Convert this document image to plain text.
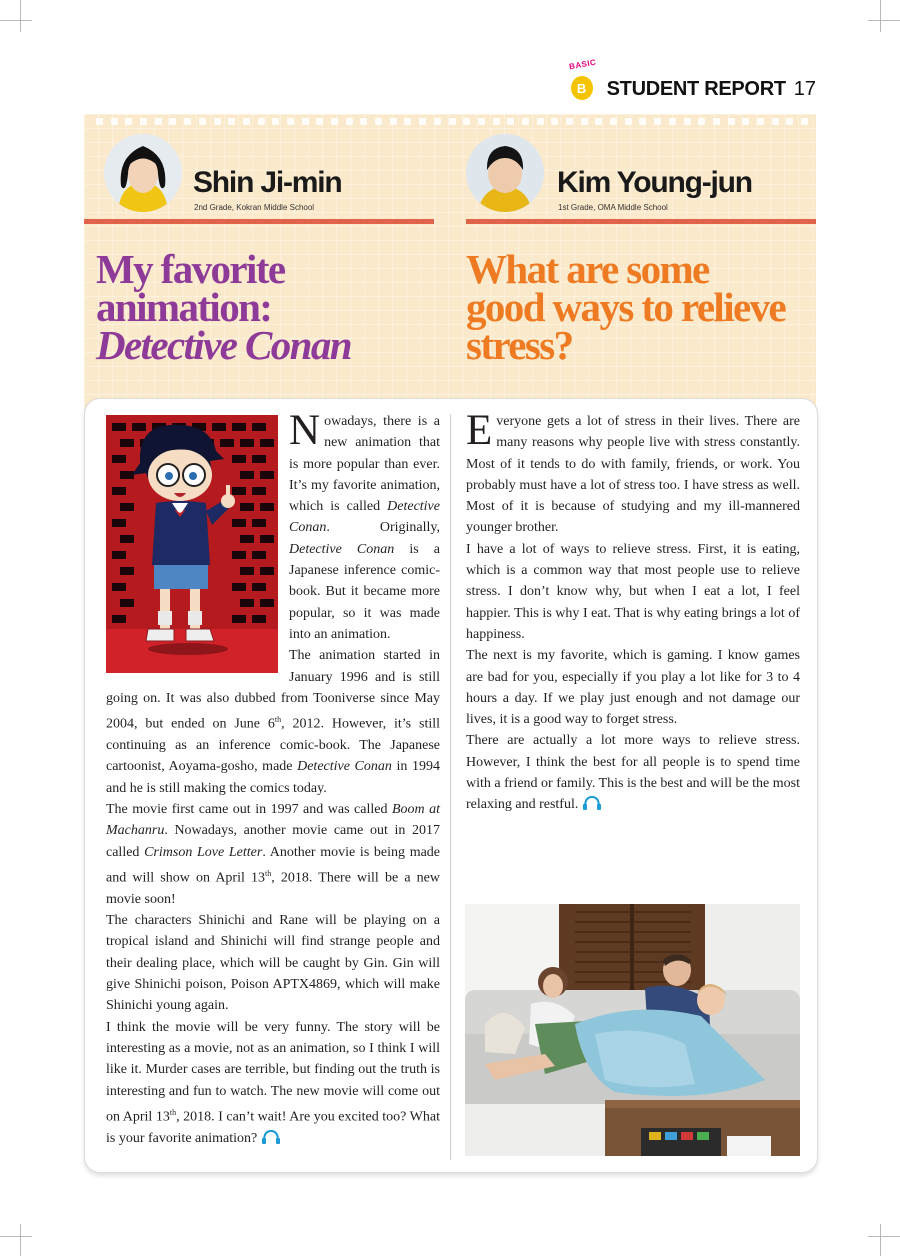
BASIC
B	STUDENT REPORT 17
Shin Ji-min
2nd Grade, Kokran Middle School
Kim Young-jun
1st Grade, OMA Middle School
My favorite
animation:
Detective Conan
What are some
good ways to relieve
stress?

Nowadays, there is a new animation that is more popular than ever. It’s my favorite animation, which is called Detective Conan. Originally, Detective Conan is a Japanese inference comic-book. But it became more popular, so it was made into an animation.

The animation started in January 1996 and is still going on. It was also dubbed from Tooniverse since May 2004, but ended on June 6th, 2012. However, it’s still continuing as an inference comic-book. The Japanese cartoonist, Aoyama-gosho, made Detective Conan in 1994 and he is still making the comics today.

The movie first came out in 1997 and was called Boom at Machanru. Nowadays, another movie came out in 2017 called Crimson Love Letter. Another movie is being made and will show on April 13th, 2018. There will be a new movie soon!

The characters Shinichi and Rane will be playing on a tropical island and Shinichi will find strange people and their dealing place, which will be caught by Gin. Gin will give Shinichi poison, Poison APTX4869, which will make Shinichi young again.

I think the movie will be very funny. The story will be interesting as a movie, not as an animation, so I think I will like it. Murder cases are terrible, but finding out the truth is interesting and fun to watch. The new movie will come out on April 13th, 2018. I can’t wait! Are you excited too? What is your favorite animation?

Everyone gets a lot of stress in their lives. There are many reasons why people live with stress constantly. Most of it tends to do with family, friends, or work. You probably must have a lot of stress too. I have stress as well. Most of it is because of studying and my ill-mannered younger brother.

I have a lot of ways to relieve stress. First, it is eating, which is a common way that most people use to relieve stress. I don’t know why, but when I eat a lot, I feel happier. This is why I eat. That is why eating brings a lot of happiness.

The next is my favorite, which is gaming. I know games are bad for you, especially if you play a lot like for 3 to 4 hours a day. If we play just enough and not damage our lives, it is a good way to forget stress.

There are actually a lot more ways to relieve stress. However, I think the best for all people is to spend time with a friend or family. This is the best and will be the most relaxing and restful.
